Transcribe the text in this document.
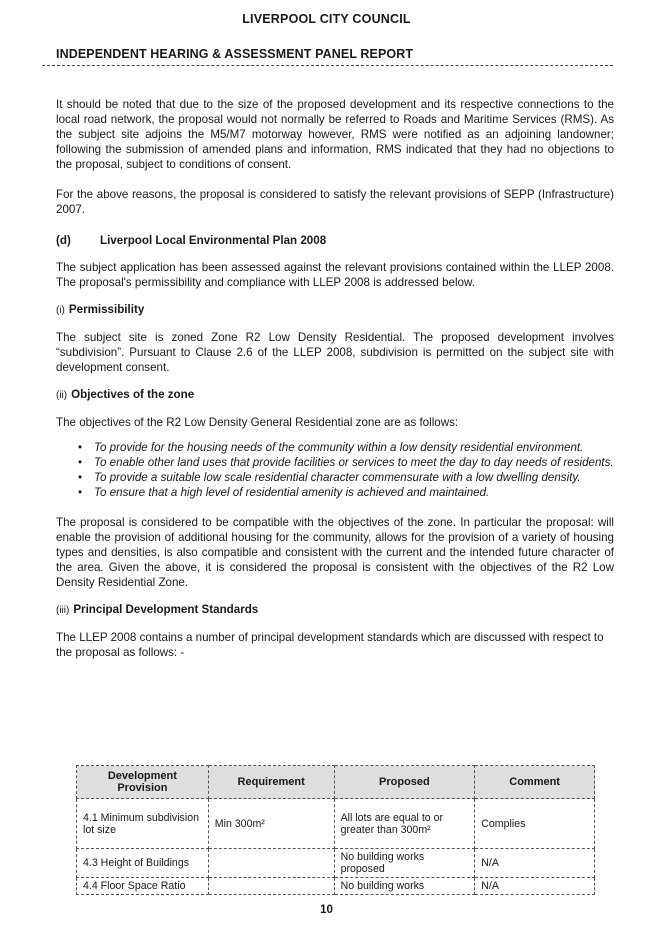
LIVERPOOL CITY COUNCIL
INDEPENDENT HEARING & ASSESSMENT PANEL REPORT

It should be noted that due to the size of the proposed development and its respective connections to the local road network, the proposal would not normally be referred to Roads and Maritime Services (RMS). As the subject site adjoins the M5/M7 motorway however, RMS were notified as an adjoining landowner; following the submission of amended plans and information, RMS indicated that they had no objections to the proposal, subject to conditions of consent.

For the above reasons, the proposal is considered to satisfy the relevant provisions of SEPP (Infrastructure) 2007.

(d)	Liverpool Local Environmental Plan 2008

The subject application has been assessed against the relevant provisions contained within the LLEP 2008. The proposal's permissibility and compliance with LLEP 2008 is addressed below.

(i) Permissibility

The subject site is zoned Zone R2 Low Density Residential. The proposed development involves “subdivision”. Pursuant to Clause 2.6 of the LLEP 2008, subdivision is permitted on the subject site with development consent.

(ii) Objectives of the zone

The objectives of the R2 Low Density General Residential zone are as follows:

• To provide for the housing needs of the community within a low density residential environment.
• To enable other land uses that provide facilities or services to meet the day to day needs of residents.
• To provide a suitable low scale residential character commensurate with a low dwelling density.
• To ensure that a high level of residential amenity is achieved and maintained.

The proposal is considered to be compatible with the objectives of the zone. In particular the proposal: will enable the provision of additional housing for the community, allows for the provision of a variety of housing types and densities, is also compatible and consistent with the current and the intended future character of the area. Given the above, it is considered the proposal is consistent with the objectives of the R2 Low Density Residential Zone.

(iii) Principal Development Standards

The LLEP 2008 contains a number of principal development standards which are discussed with respect to the proposal as follows: -

Development Provision	Requirement	Proposed	Comment
4.1 Minimum subdivision lot size	Min 300m²	All lots are equal to or greater than 300m²	Complies
4.3 Height of Buildings		No building works proposed	N/A
4.4 Floor Space Ratio		No building works	N/A
10
